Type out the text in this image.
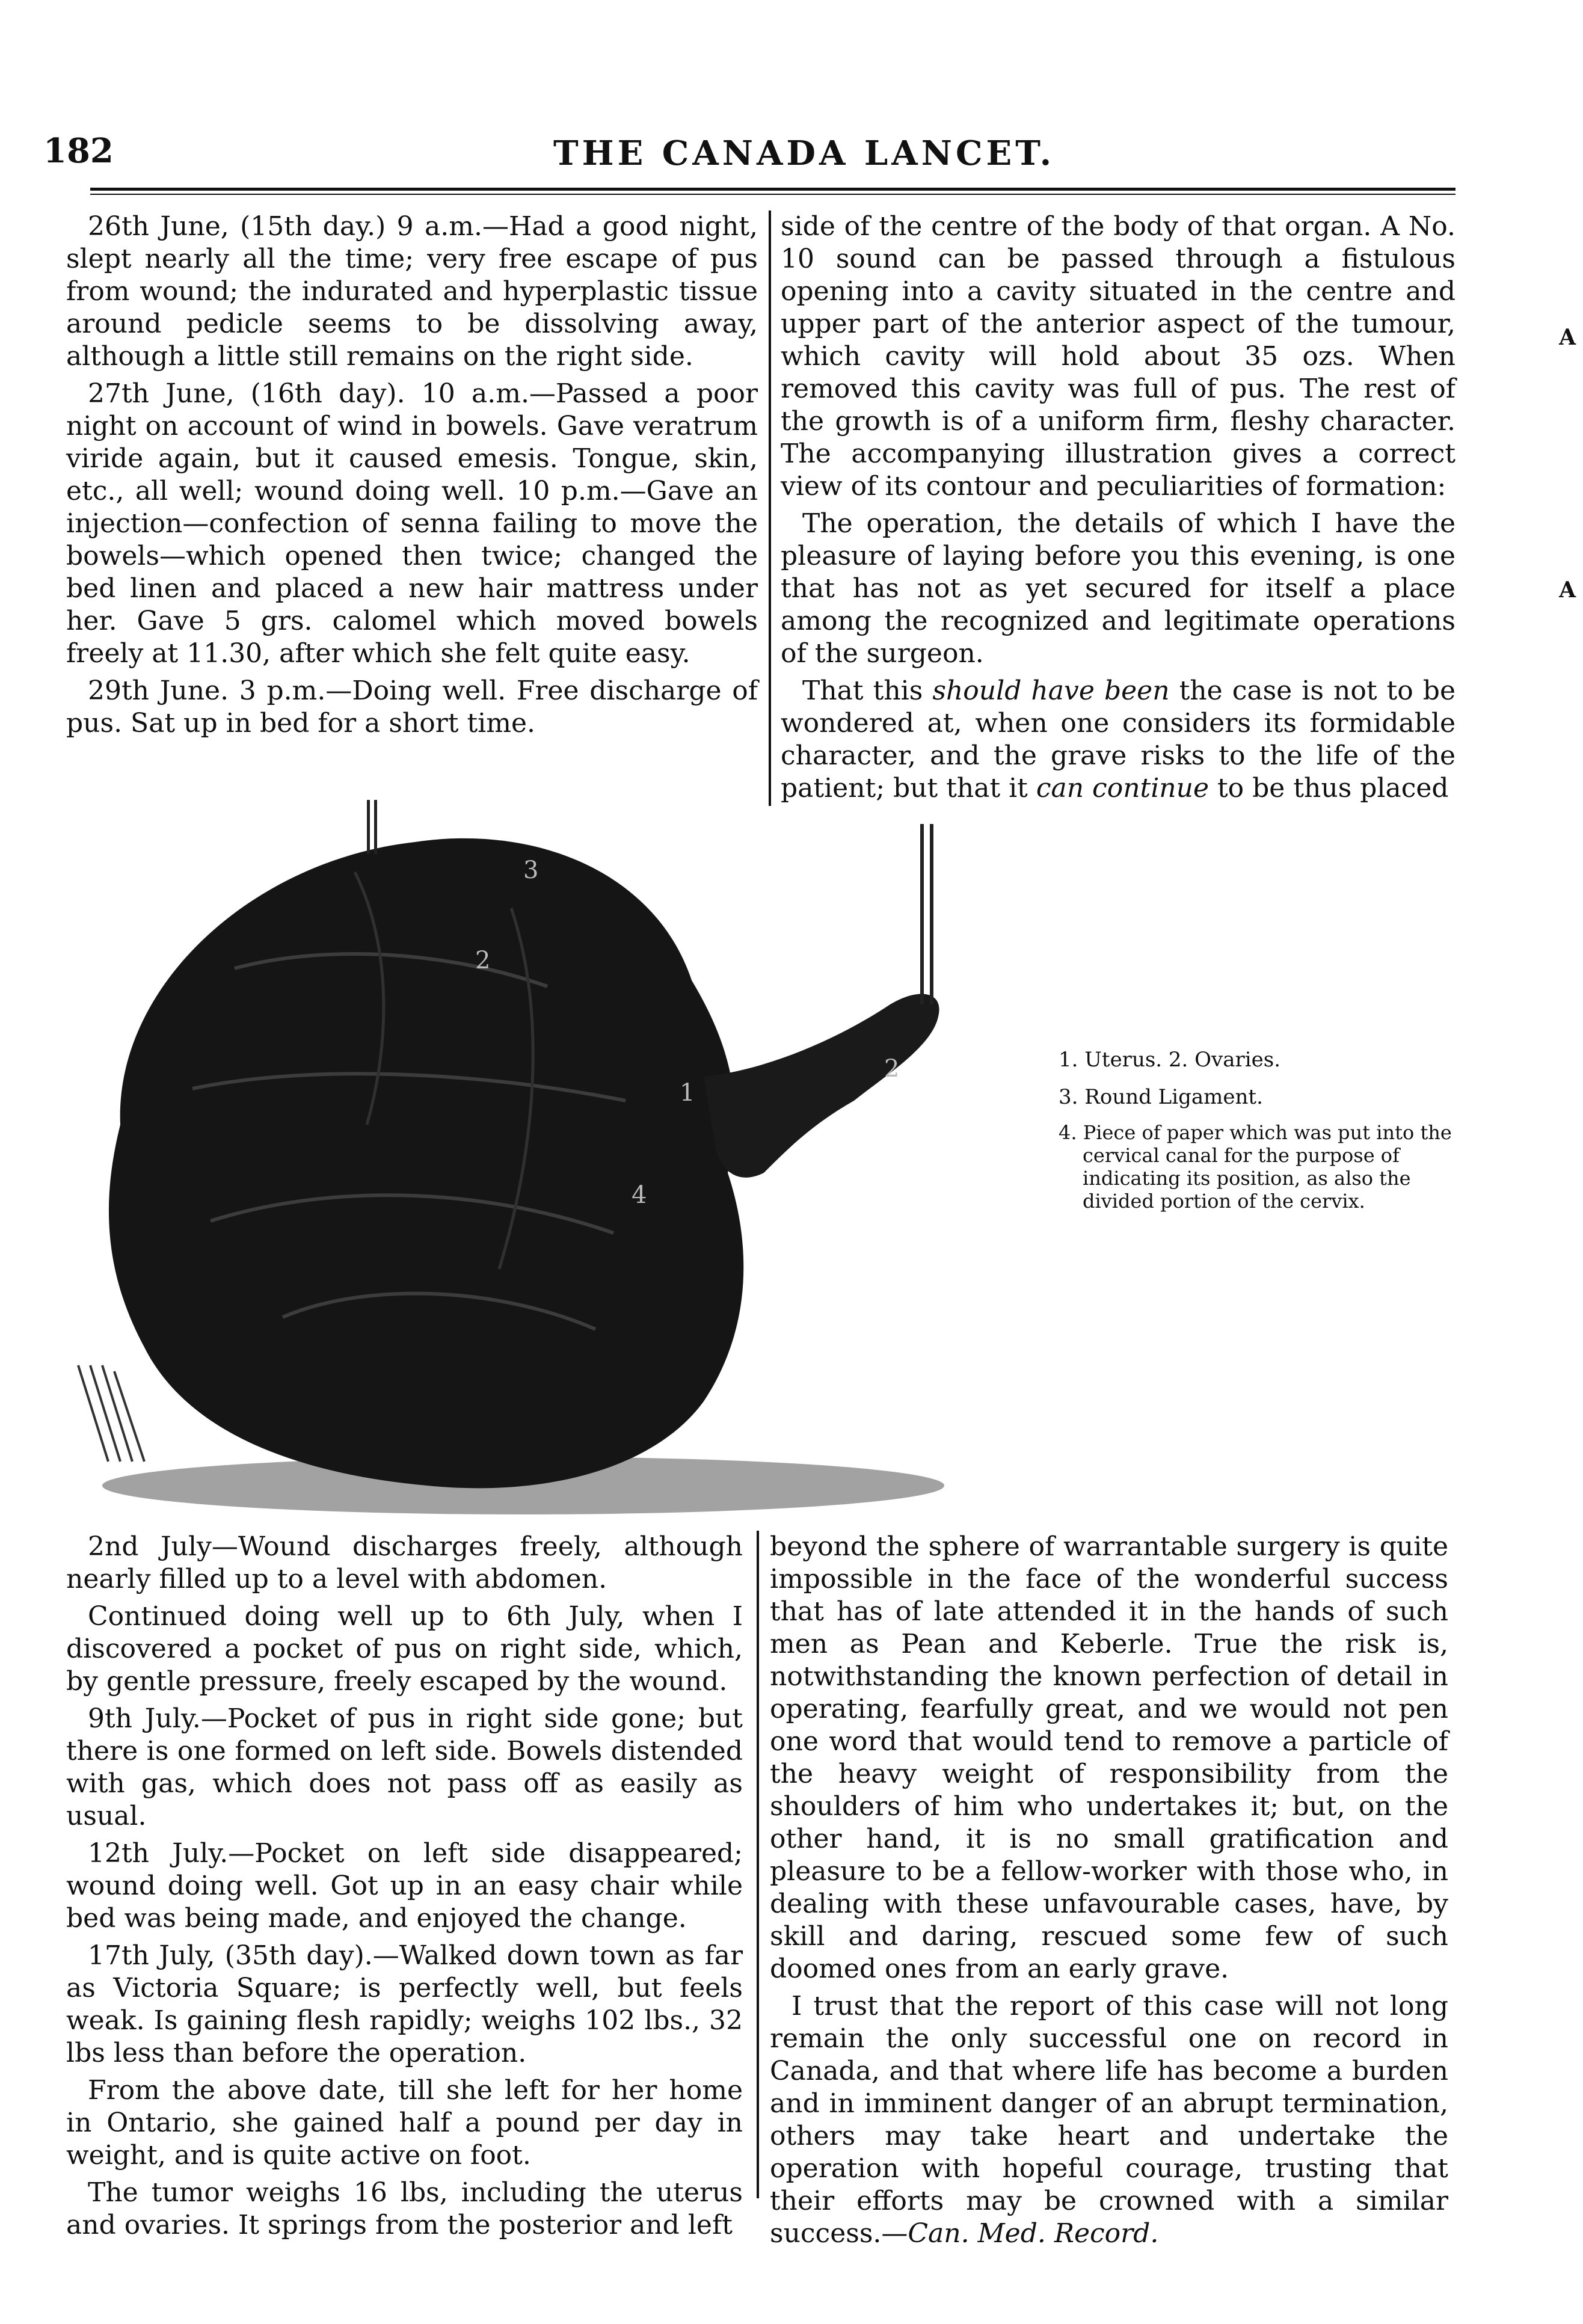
182	THE CANADA LANCET.

26th June, (15th day.) 9 a.m.—Had a good night, slept nearly all the time; very free escape of pus from wound; the indurated and hyperplastic tissue around pedicle seems to be dissolving away, although a little still remains on the right side.

27th June, (16th day). 10 a.m.—Passed a poor night on account of wind in bowels. Gave veratrum viride again, but it caused emesis. Tongue, skin, etc., all well; wound doing well. 10 p.m.—Gave an injection—confection of senna failing to move the bowels—which opened then twice; changed the bed linen and placed a new hair mattress under her. Gave 5 grs. calomel which moved bowels freely at 11.30, after which she felt quite easy.

29th June. 3 p.m.—Doing well. Free discharge of pus. Sat up in bed for a short time.

side of the centre of the body of that organ. A No. 10 sound can be passed through a fistulous opening into a cavity situated in the centre and upper part of the anterior aspect of the tumour, which cavity will hold about 35 ozs. When removed this cavity was full of pus. The rest of the growth is of a uniform firm, fleshy character. The accompanying illustration gives a correct view of its contour and peculiarities of formation:

The operation, the details of which I have the pleasure of laying before you this evening, is one that has not as yet secured for itself a place among the recognized and legitimate operations of the surgeon.

That this should have been the case is not to be wondered at, when one considers its formidable character, and the grave risks to the life of the patient; but that it can continue to be thus placed

3
2
1
4
2	1. Uterus. 2. Ovaries.

3. Round Ligament.

4. Piece of paper which was put into the cervical canal for the purpose of indicating its position, as also the divided portion of the cervix.

2nd July—Wound discharges freely, although nearly filled up to a level with abdomen.

Continued doing well up to 6th July, when I discovered a pocket of pus on right side, which, by gentle pressure, freely escaped by the wound.

9th July.—Pocket of pus in right side gone; but there is one formed on left side. Bowels distended with gas, which does not pass off as easily as usual.

12th July.—Pocket on left side disappeared; wound doing well. Got up in an easy chair while bed was being made, and enjoyed the change.

17th July, (35th day).—Walked down town as far as Victoria Square; is perfectly well, but feels weak. Is gaining flesh rapidly; weighs 102 lbs., 32 lbs less than before the operation.

From the above date, till she left for her home in Ontario, she gained half a pound per day in weight, and is quite active on foot.

The tumor weighs 16 lbs, including the uterus and ovaries. It springs from the posterior and left

beyond the sphere of warrantable surgery is quite impossible in the face of the wonderful success that has of late attended it in the hands of such men as Pean and Keberle. True the risk is, notwithstanding the known perfection of detail in operating, fearfully great, and we would not pen one word that would tend to remove a particle of the heavy weight of responsibility from the shoulders of him who undertakes it; but, on the other hand, it is no small gratification and pleasure to be a fellow-worker with those who, in dealing with these unfavourable cases, have, by skill and daring, rescued some few of such doomed ones from an early grave.

I trust that the report of this case will not long remain the only successful one on record in Canada, and that where life has become a burden and in imminent danger of an abrupt termination, others may take heart and undertake the operation with hopeful courage, trusting that their efforts may be crowned with a similar success.—Can. Med. Record.

A
A
